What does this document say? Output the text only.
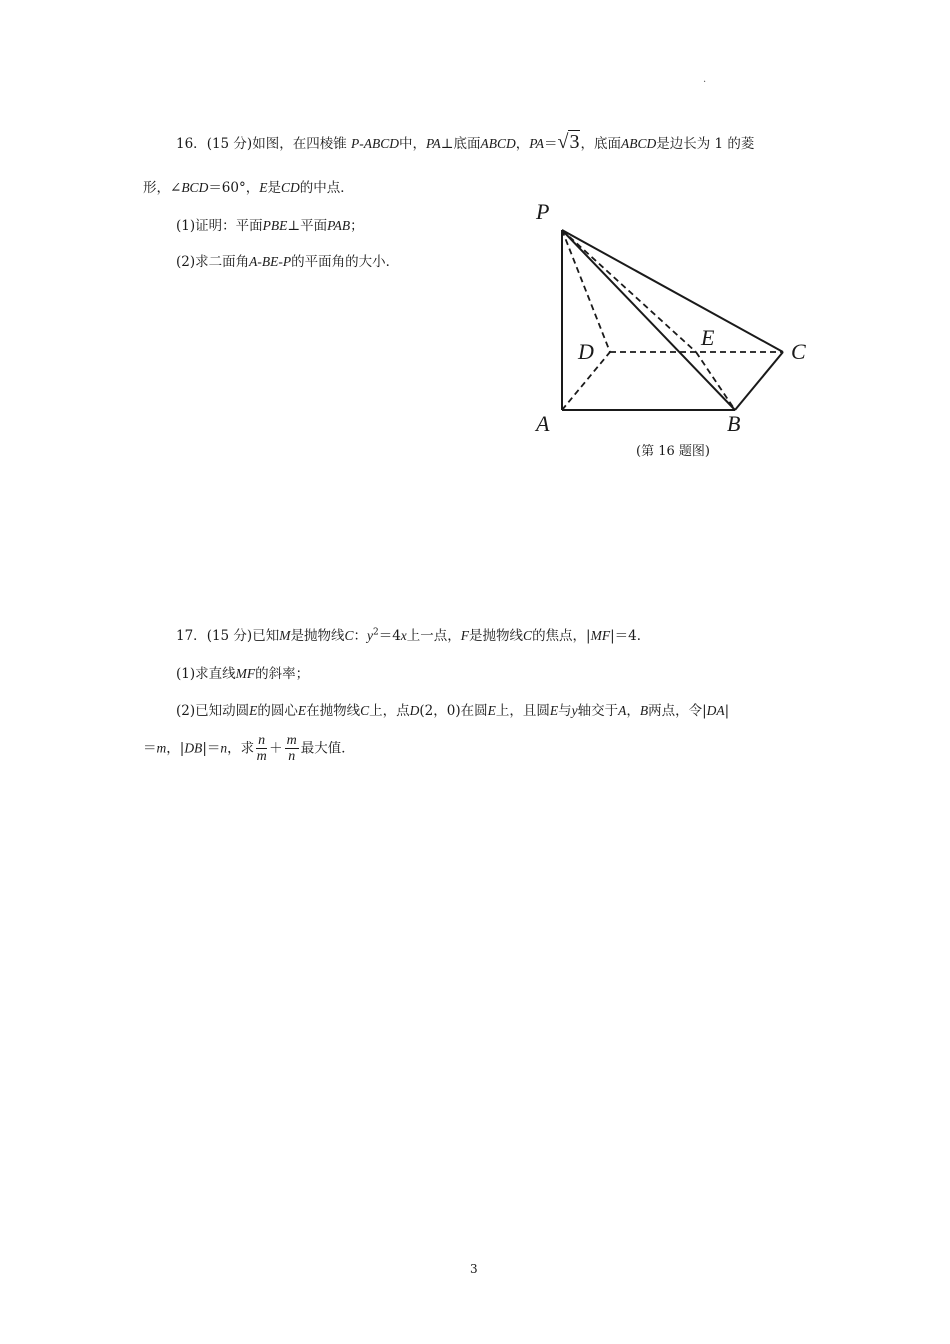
.
16．(15 分)如图，在四棱锥 P-ABCD中，PA⊥底面ABCD，PA＝√3，底面ABCD是边长为 1 的菱
形，∠BCD＝60°，E是CD的中点．
(1)证明：平面PBE⊥平面PAB；
(2)求二面角A-BE-P的平面角的大小．
P
A	B
C
D
E
(第 16 题图)
17．(15 分)已知M是抛物线C：$y^2=4x$上一点，F是抛物线C的焦点，|MF|＝4．
(1)求直线MF的斜率；
(2)已知动圆E的圆心E在抛物线C上，点D(2，0)在圆E上，且圆E与y轴交于A，B两点，令|DA|
＝m，|DB|＝n，求 $\frac{n}{m} + \frac{m}{n}$ 最大值．
3
